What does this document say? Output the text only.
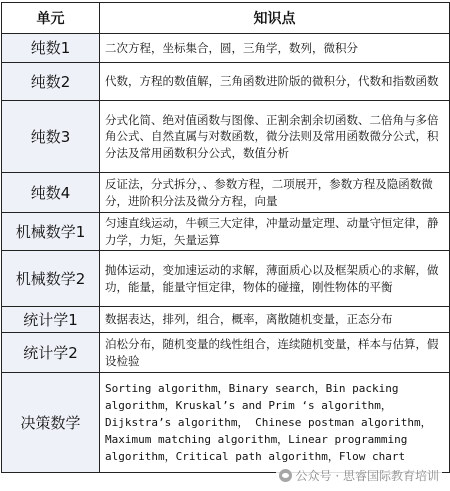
单元	知识点
纯数1	二次方程，坐标集合，圆，三角学，数列，微积分
纯数2	代数，方程的数值解，三角函数进阶版的微积分，代数和指数函数
纯数3	分式化简、绝对值函数与图像、正割余割余切函数、二倍角与多倍角公式、自然直属与对数函数，微分法则及常用函数微分公式，积分法及常用函数积分公式，数值分析
纯数4	反证法，分式拆分，、参数方程，二项展开，参数方程及隐函数微分，进阶积分法及微分方程，向量
机械数学1	匀速直线运动，牛顿三大定律，冲量动量定理、动量守恒定律，静力学，力矩，矢量运算
机械数学2	抛体运动，变加速运动的求解，薄面质心以及框架质心的求解，做功，能量，能量守恒定律，物体的碰撞，刚性物体的平衡
统计学1	数据表达，排列，组合，概率，离散随机变量，正态分布
统计学2	泊松分布，随机变量的线性组合，连续随机变量，样本与估算，假设检验
决策数学	Sorting algorithm，Binary search，Bin packing algorithm，Kruskal’s and Prim ‘s algorithm，Dijkstra’s algorithm， Chinese postman algorithm，Maximum matching algorithm，Linear programming algorithm，Critical path algorithm，Flow chart
公众号 · 思睿国际教育培训
